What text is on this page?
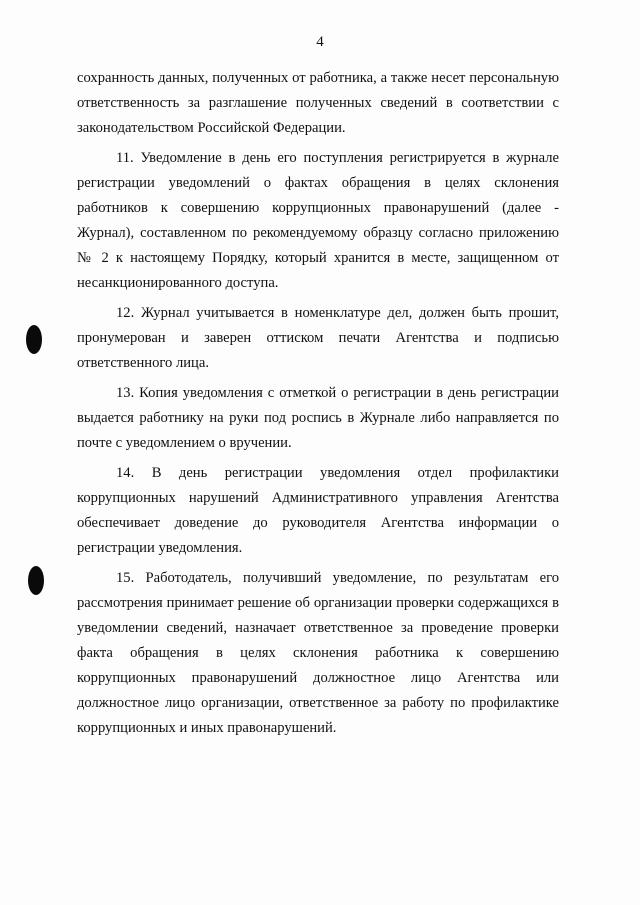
4

сохранность данных, полученных от работника, а также несет персональную ответственность за разглашение полученных сведений в соответствии с законодательством Российской Федерации.

11. Уведомление в день его поступления регистрируется в журнале регистрации уведомлений о фактах обращения в целях склонения работников к совершению коррупционных правонарушений (далее - Журнал), составленном по рекомендуемому образцу согласно приложению № 2 к настоящему Порядку, который хранится в месте, защищенном от несанкционированного доступа.

12. Журнал учитывается в номенклатуре дел, должен быть прошит, пронумерован и заверен оттиском печати Агентства и подписью ответственного лица.

13. Копия уведомления с отметкой о регистрации в день регистрации выдается работнику на руки под роспись в Журнале либо направляется по почте с уведомлением о вручении.

14. В день регистрации уведомления отдел профилактики коррупционных нарушений Административного управления Агентства обеспечивает доведение до руководителя Агентства информации о регистрации уведомления.

15. Работодатель, получивший уведомление, по результатам его рассмотрения принимает решение об организации проверки содержащихся в уведомлении сведений, назначает ответственное за проведение проверки факта обращения в целях склонения работника к совершению коррупционных правонарушений должностное лицо Агентства или должностное лицо организации, ответственное за работу по профилактике коррупционных и иных правонарушений.
